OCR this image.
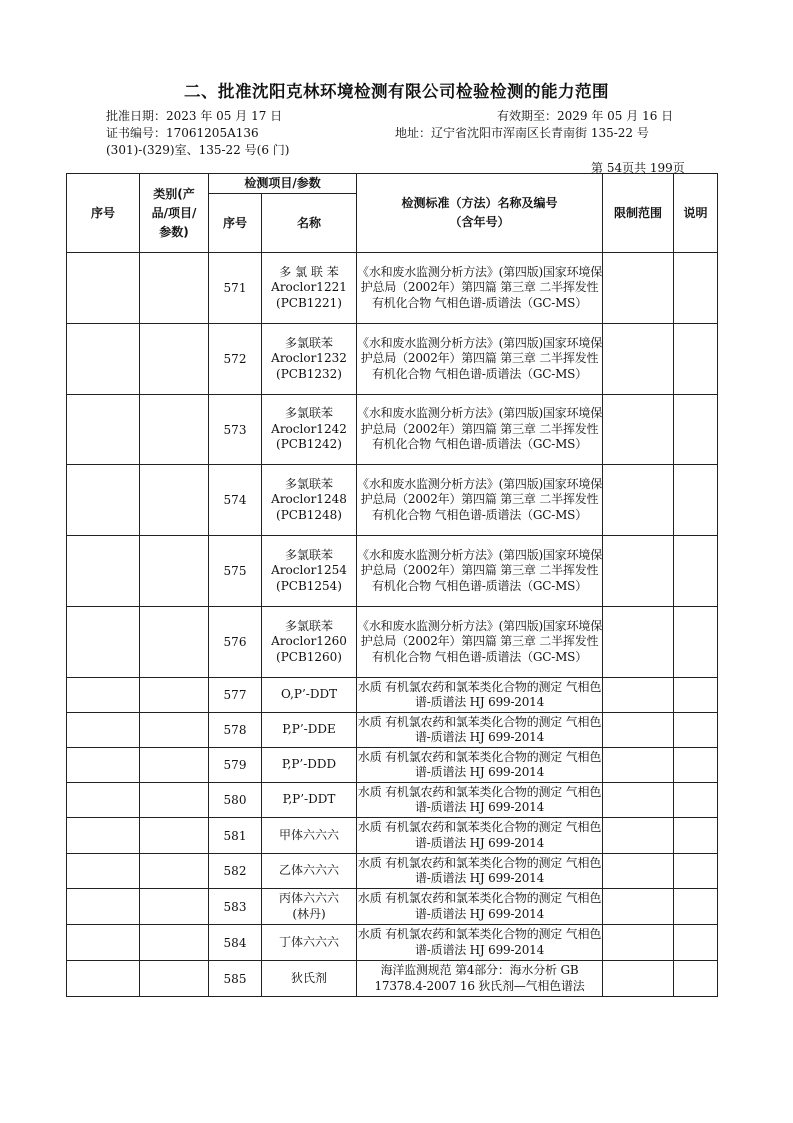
二、批准沈阳克林环境检测有限公司检验检测的能力范围
批准日期：2023 年 05 月 17 日	有效期至：2029 年 05 月 16 日
证书编号：17061205A136	地址：辽宁省沈阳市浑南区长青南街 135-22 号
(301)-(329)室、135-22 号(6 门)
第 54页共 199页
序号	类别(产品/项目/参数)	检测项目/参数		检测标准（方法）名称及编号（含年号）	限制范围	说明
		序号	名称			
		571	多 氯 联 苯
Aroclor1221
(PCB1221)	《水和废水监测分析方法》(第四版)国家环境保护总局（2002年）第四篇 第三章 二半挥发性有机化合物 气相色谱-质谱法（GC-MS）		
		572	多氯联苯
Aroclor1232
(PCB1232)	《水和废水监测分析方法》(第四版)国家环境保护总局（2002年）第四篇 第三章 二半挥发性有机化合物 气相色谱-质谱法（GC-MS）		
		573	多氯联苯
Aroclor1242
(PCB1242)	《水和废水监测分析方法》(第四版)国家环境保护总局（2002年）第四篇 第三章 二半挥发性有机化合物 气相色谱-质谱法（GC-MS）		
		574	多氯联苯
Aroclor1248
(PCB1248)	《水和废水监测分析方法》(第四版)国家环境保护总局（2002年）第四篇 第三章 二半挥发性有机化合物 气相色谱-质谱法（GC-MS）		
		575	多氯联苯
Aroclor1254
(PCB1254)	《水和废水监测分析方法》(第四版)国家环境保护总局（2002年）第四篇 第三章 二半挥发性有机化合物 气相色谱-质谱法（GC-MS）		
		576	多氯联苯
Aroclor1260
(PCB1260)	《水和废水监测分析方法》(第四版)国家环境保护总局（2002年）第四篇 第三章 二半挥发性有机化合物 气相色谱-质谱法（GC-MS）		
		577	O,P’-DDT	水质 有机氯农药和氯苯类化合物的测定 气相色谱-质谱法 HJ 699-2014		
		578	P,P’-DDE	水质 有机氯农药和氯苯类化合物的测定 气相色谱-质谱法 HJ 699-2014		
		579	P,P’-DDD	水质 有机氯农药和氯苯类化合物的测定 气相色谱-质谱法 HJ 699-2014		
		580	P,P’-DDT	水质 有机氯农药和氯苯类化合物的测定 气相色谱-质谱法 HJ 699-2014		
		581	甲体六六六	水质 有机氯农药和氯苯类化合物的测定 气相色谱-质谱法 HJ 699-2014		
		582	乙体六六六	水质 有机氯农药和氯苯类化合物的测定 气相色谱-质谱法 HJ 699-2014		
		583	丙体六六六
(林丹)	水质 有机氯农药和氯苯类化合物的测定 气相色谱-质谱法 HJ 699-2014		
		584	丁体六六六	水质 有机氯农药和氯苯类化合物的测定 气相色谱-质谱法 HJ 699-2014		
		585	狄氏剂	海洋监测规范 第4部分：海水分析 GB 17378.4-2007 16 狄氏剂—气相色谱法		
